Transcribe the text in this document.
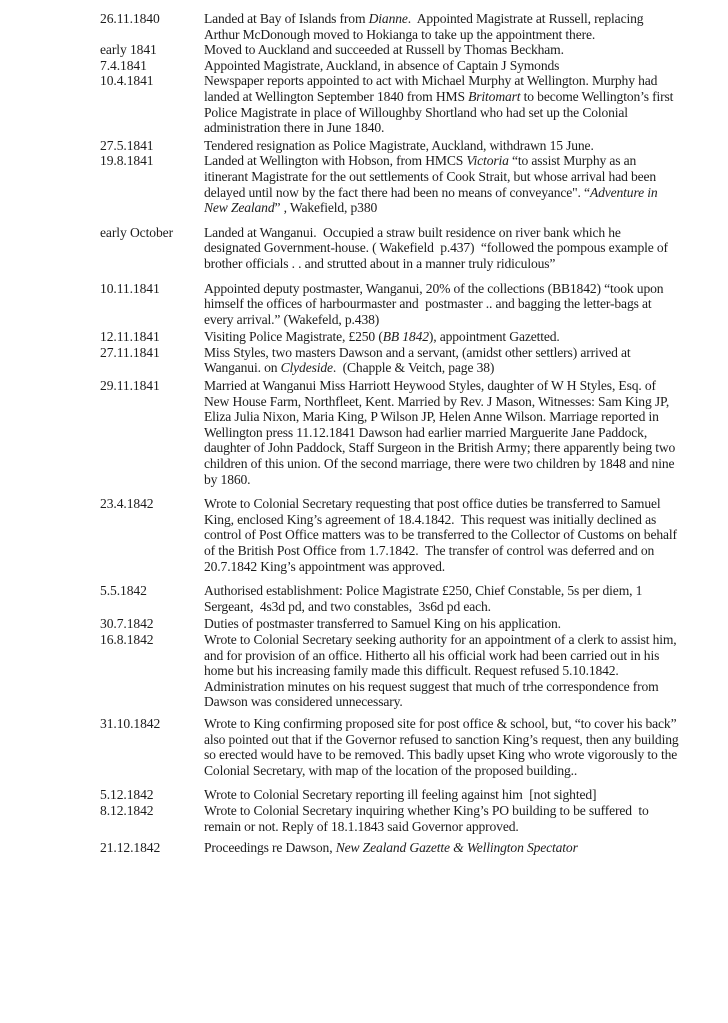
26.11.1840	Landed at Bay of Islands from Dianne.  Appointed Magistrate at Russell, replacing Arthur McDonough moved to Hokianga to take up the appointment there.
early 1841	Moved to Auckland and succeeded at Russell by Thomas Beckham.
7.4.1841	Appointed Magistrate, Auckland, in absence of Captain J Symonds
10.4.1841	Newspaper reports appointed to act with Michael Murphy at Wellington. Murphy had landed at Wellington September 1840 from HMS Britomart to become Wellington’s first Police Magistrate in place of Willoughby Shortland who had set up the Colonial administration there in June 1840.
27.5.1841	Tendered resignation as Police Magistrate, Auckland, withdrawn 15 June.
19.8.1841	Landed at Wellington with Hobson, from HMCS Victoria “to assist Murphy as an itinerant Magistrate for the out settlements of Cook Strait, but whose arrival had been delayed until now by the fact there had been no means of conveyance". “Adventure in New Zealand” , Wakefield, p380
early October	Landed at Wanganui.  Occupied a straw built residence on river bank which he designated Government-house. ( Wakefield  p.437)  “followed the pompous example of brother officials . . and strutted about in a manner truly ridiculous”
10.11.1841	Appointed deputy postmaster, Wanganui, 20% of the collections (BB1842) “took upon himself the offices of harbourmaster and  postmaster .. and bagging the letter-bags at every arrival.” (Wakefeld, p.438)
12.11.1841	Visiting Police Magistrate, £250 (BB 1842), appointment Gazetted.
27.11.1841	Miss Styles, two masters Dawson and a servant, (amidst other settlers) arrived at Wanganui. on Clydeside.  (Chapple & Veitch, page 38)
29.11.1841	Married at Wanganui Miss Harriott Heywood Styles, daughter of W H Styles, Esq. of New House Farm, Northfleet, Kent. Married by Rev. J Mason, Witnesses: Sam King JP, Eliza Julia Nixon, Maria King, P Wilson JP, Helen Anne Wilson. Marriage reported in Wellington press 11.12.1841 Dawson had earlier married Marguerite Jane Paddock, daughter of John Paddock, Staff Surgeon in the British Army; there apparently being two children of this union. Of the second marriage, there were two children by 1848 and nine by 1860.
23.4.1842	Wrote to Colonial Secretary requesting that post office duties be transferred to Samuel King, enclosed King’s agreement of 18.4.1842.  This request was initially declined as control of Post Office matters was to be transferred to the Collector of Customs on behalf of the British Post Office from 1.7.1842.  The transfer of control was deferred and on 20.7.1842 King’s appointment was approved.
5.5.1842	Authorised establishment: Police Magistrate £250, Chief Constable, 5s per diem, 1 Sergeant,  4s3d pd, and two constables,  3s6d pd each.
30.7.1842	Duties of postmaster transferred to Samuel King on his application.
16.8.1842	Wrote to Colonial Secretary seeking authority for an appointment of a clerk to assist him, and for provision of an office. Hitherto all his official work had been carried out in his home but his increasing family made this difficult. Request refused 5.10.1842. Administration minutes on his request suggest that much of trhe correspondence from Dawson was considered unnecessary.
31.10.1842	Wrote to King confirming proposed site for post office & school, but, “to cover his back” also pointed out that if the Governor refused to sanction King’s request, then any building so erected would have to be removed. This badly upset King who wrote vigorously to the Colonial Secretary, with map of the location of the proposed building..
5.12.1842	Wrote to Colonial Secretary reporting ill feeling against him  [not sighted]
8.12.1842	Wrote to Colonial Secretary inquiring whether King’s PO building to be suffered  to remain or not. Reply of 18.1.1843 said Governor approved.
21.12.1842	Proceedings re Dawson, New Zealand Gazette & Wellington Spectator
